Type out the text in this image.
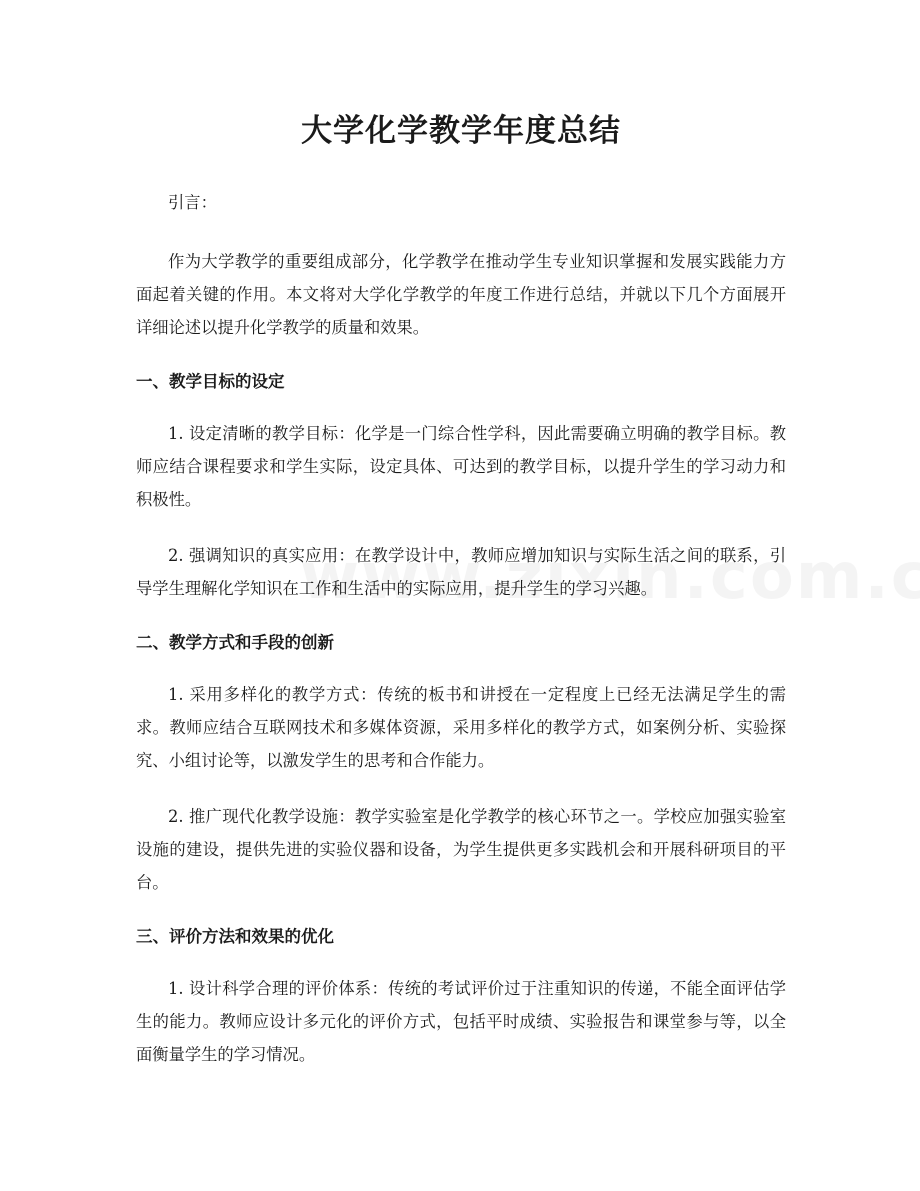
大学化学教学年度总结

引言：

作为大学教学的重要组成部分，化学教学在推动学生专业知识掌握和发展实践能力方面起着关键的作用。本文将对大学化学教学的年度工作进行总结，并就以下几个方面展开详细论述以提升化学教学的质量和效果。

一、教学目标的设定

1. 设定清晰的教学目标：化学是一门综合性学科，因此需要确立明确的教学目标。教师应结合课程要求和学生实际，设定具体、可达到的教学目标，以提升学生的学习动力和积极性。

2. 强调知识的真实应用：在教学设计中，教师应增加知识与实际生活之间的联系，引导学生理解化学知识在工作和生活中的实际应用，提升学生的学习兴趣。

二、教学方式和手段的创新

1. 采用多样化的教学方式：传统的板书和讲授在一定程度上已经无法满足学生的需求。教师应结合互联网技术和多媒体资源，采用多样化的教学方式，如案例分析、实验探究、小组讨论等，以激发学生的思考和合作能力。

2. 推广现代化教学设施：教学实验室是化学教学的核心环节之一。学校应加强实验室设施的建设，提供先进的实验仪器和设备，为学生提供更多实践机会和开展科研项目的平台。

三、评价方法和效果的优化

1. 设计科学合理的评价体系：传统的考试评价过于注重知识的传递，不能全面评估学生的能力。教师应设计多元化的评价方式，包括平时成绩、实验报告和课堂参与等，以全面衡量学生的学习情况。
